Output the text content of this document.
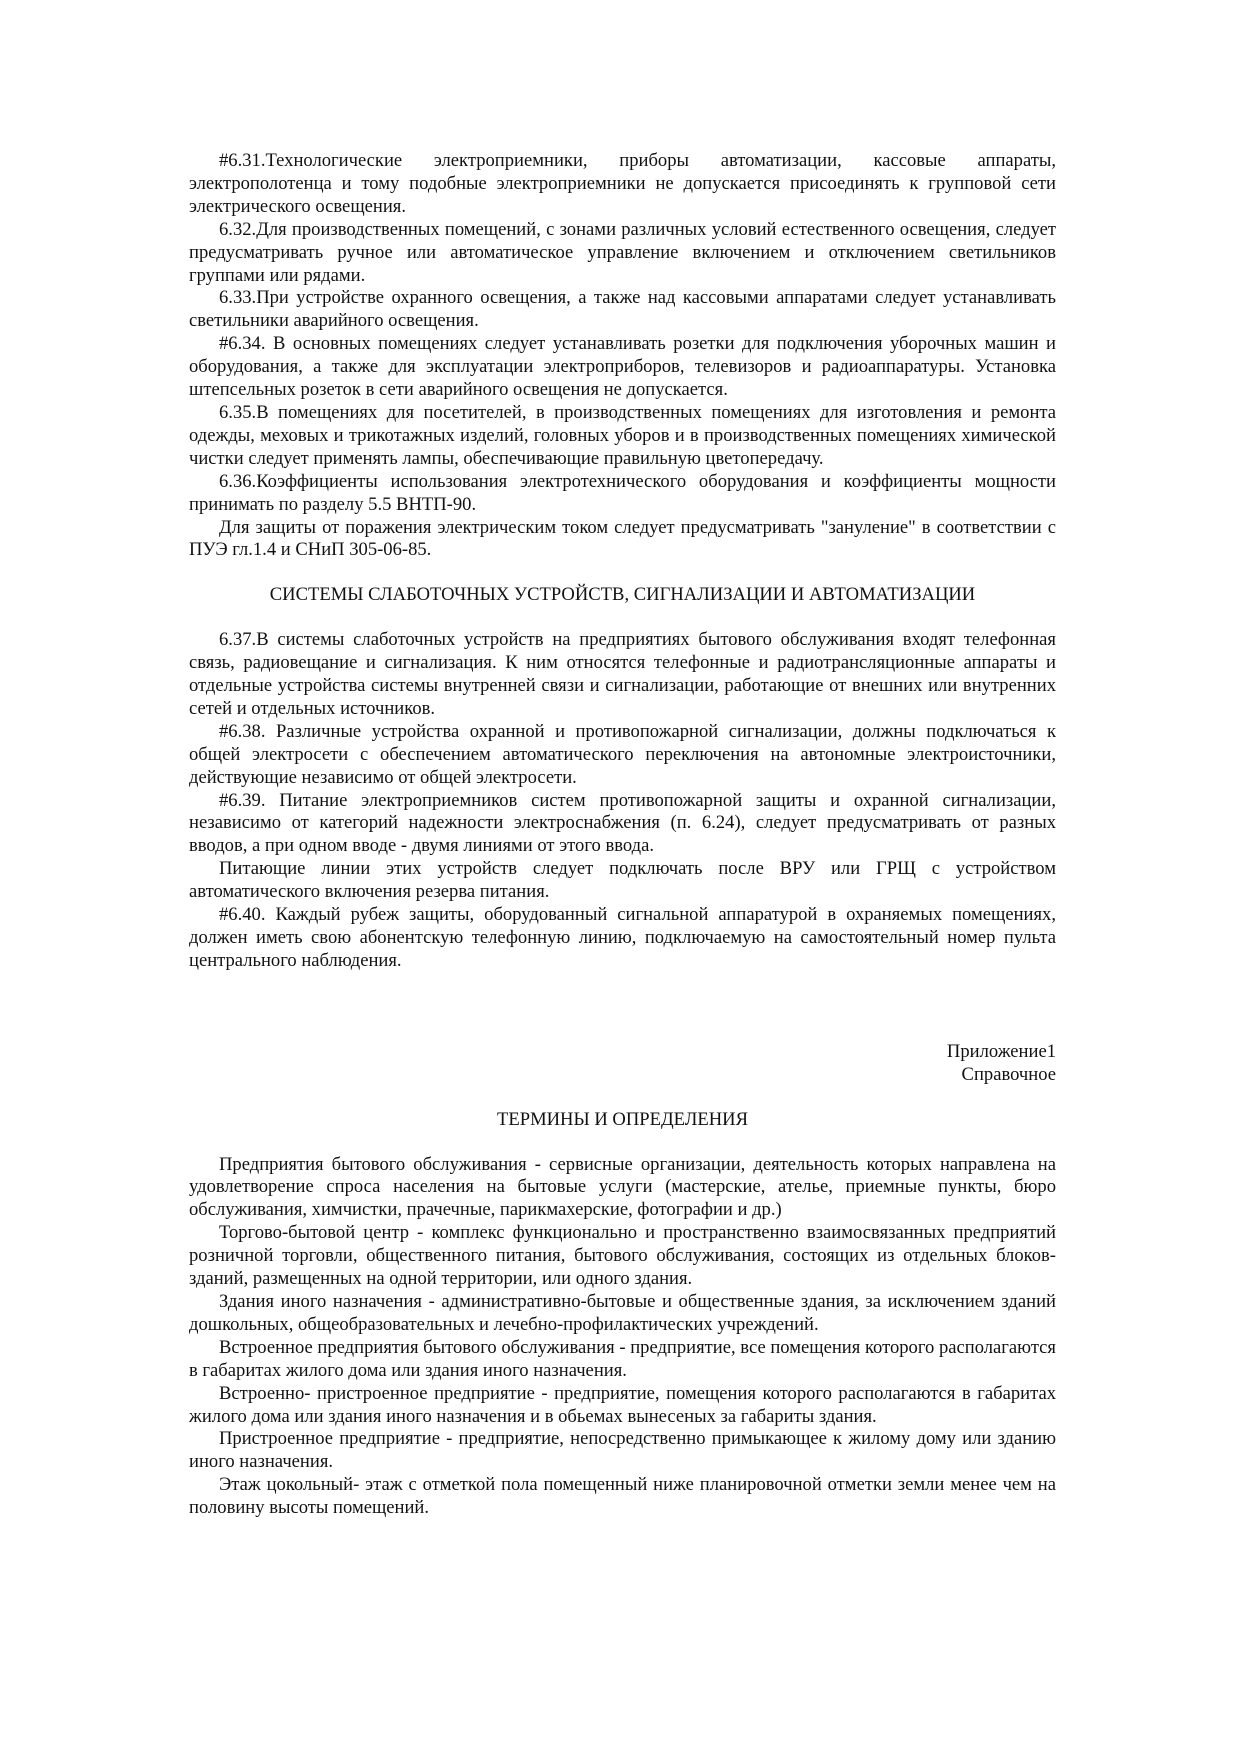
#6.31.Технологические электроприемники, приборы автоматизации, кассовые аппараты, электрополотенца и тому подобные электроприемники не допускается присоединять к групповой сети электрического освещения.

6.32.Для производственных помещений, с зонами различных условий естественного освещения, следует предусматривать ручное или автоматическое управление включением и отключением светильников группами или рядами.

6.33.При устройстве охранного освещения, а также над кассовыми аппаратами следует устанавливать светильники аварийного освещения.

#6.34. В основных помещениях следует устанавливать розетки для подключения уборочных машин и оборудования, а также для эксплуатации электроприборов, телевизоров и радиоаппаратуры. Установка штепсельных розеток в сети аварийного освещения не допускается.

6.35.В помещениях для посетителей, в производственных помещениях для изготовления и ремонта одежды, меховых и трикотажных изделий, головных уборов и в производственных помещениях химической чистки следует применять лампы, обеспечивающие правильную цветопередачу.

6.36.Коэффициенты использования электротехнического оборудования и коэффициенты мощности принимать по разделу 5.5 ВНТП-90.

Для защиты от поражения электрическим током следует предусматривать "зануление" в соответствии с ПУЭ гл.1.4 и СНиП 305-06-85.

СИСТЕМЫ СЛАБОТОЧНЫХ УСТРОЙСТВ, СИГНАЛИЗАЦИИ И АВТОМАТИЗАЦИИ

6.37.В системы слаботочных устройств на предприятиях бытового обслуживания входят телефонная связь, радиовещание и сигнализация. К ним относятся телефонные и радиотрансляционные аппараты и отдельные устройства системы внутренней связи и сигнализации, работающие от внешних или внутренних сетей и отдельных источников.

#6.38. Различные устройства охранной и противопожарной сигнализации, должны подключаться к общей электросети с обеспечением автоматического переключения на автономные электроисточники, действующие независимо от общей электросети.

#6.39. Питание электроприемников систем противопожарной защиты и охранной сигнализации, независимо от категорий надежности электроснабжения (п. 6.24), следует предусматривать от разных вводов, а при одном вводе - двумя линиями от этого ввода.

Питающие линии этих устройств следует подключать после ВРУ или ГРЩ с устройством автоматического включения резерва питания.

#6.40. Каждый рубеж защиты, оборудованный сигнальной аппаратурой в охраняемых помещениях, должен иметь свою абонентскую телефонную линию, подключаемую на самостоятельный номер пульта центрального наблюдения.

Приложение1
Справочное

ТЕРМИНЫ И ОПРЕДЕЛЕНИЯ

Предприятия бытового обслуживания - сервисные организации, деятельность которых направлена на удовлетворение спроса населения на бытовые услуги (мастерские, ателье, приемные пункты, бюро обслуживания, химчистки, прачечные, парикмахерские, фотографии и др.)

Торгово-бытовой центр - комплекс функционально и пространственно взаимосвязанных предприятий розничной торговли, общественного питания, бытового обслуживания, состоящих из отдельных блоков-зданий, размещенных на одной территории, или одного здания.

Здания иного назначения - административно-бытовые и общественные здания, за исключением зданий дошкольных, общеобразовательных и лечебно-профилактических учреждений.

Встроенное предприятия бытового обслуживания - предприятие, все помещения которого располагаются в габаритах жилого дома или здания иного назначения.

Встроенно- пристроенное предприятие - предприятие, помещения которого располагаются в габаритах жилого дома или здания иного назначения и в обьемах вынесеных за габариты здания.

Пристроенное предприятие - предприятие, непосредственно примыкающее к жилому дому или зданию иного назначения.

Этаж цокольный- этаж с отметкой пола помещенный ниже планировочной отметки земли менее чем на половину высоты помещений.
